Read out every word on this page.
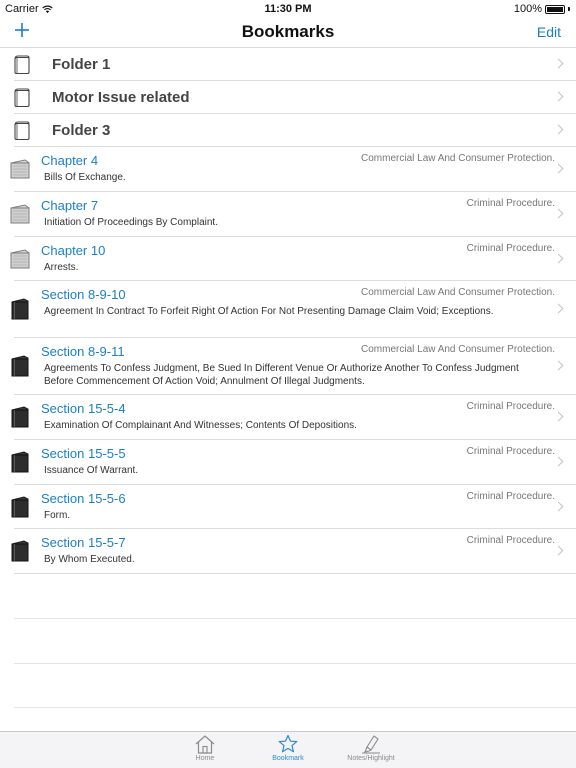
Carrier	11:30 PM	100%
Bookmarks	Edit
Folder 1
Motor Issue related
Folder 3
Chapter 4	Commercial Law And Consumer Protection.
Bills Of Exchange.
Chapter 7	Criminal Procedure.
Initiation Of Proceedings By Complaint.
Chapter 10	Criminal Procedure.
Arrests.
Section 8-9-10	Commercial Law And Consumer Protection.
Agreement In Contract To Forfeit Right Of Action For Not Presenting Damage Claim Void; Exceptions.
Section 8-9-11	Commercial Law And Consumer Protection.
Agreements To Confess Judgment, Be Sued In Different Venue Or Authorize Another To Confess Judgment Before Commencement Of Action Void; Annulment Of Illegal Judgments.
Section 15-5-4	Criminal Procedure.
Examination Of Complainant And Witnesses; Contents Of Depositions.
Section 15-5-5	Criminal Procedure.
Issuance Of Warrant.
Section 15-5-6	Criminal Procedure.
Form.
Section 15-5-7	Criminal Procedure.
By Whom Executed.
Home	Bookmark	Notes/Highlight
